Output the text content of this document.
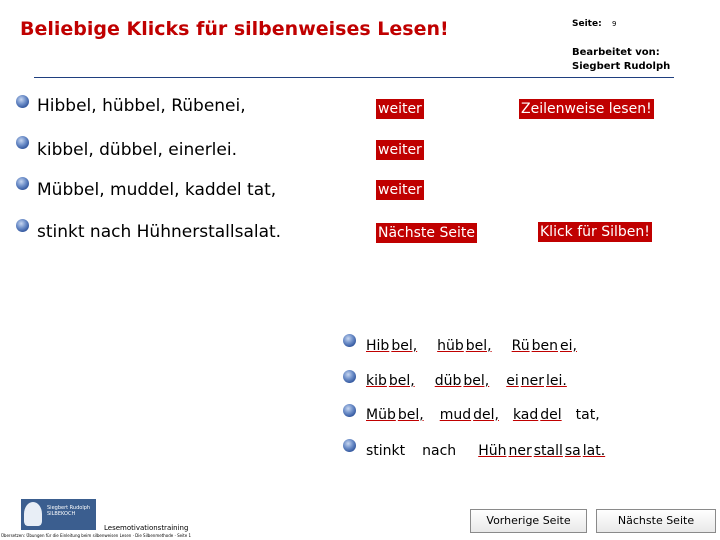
Beliebige Klicks für silbenweises Lesen!	Seite: 9
Bearbeitet von:
Siegbert Rudolph
Hibbel, hübbel, Rübenei,	weiter
kibbel, dübbel, einerlei.	weiter
Mübbel, muddel, kaddel tat,	weiter
stinkt nach Hühnerstallsalat.	Nächste Seite
Zeilenweise lesen!
Klick für Silben!
Hib bel, hüb bel, Rü ben ei,
kib bel, düb bel, ei ner lei.
Müb bel, mud del, kad del tat,
stinkt nach Hüh ner stall sa lat.
Siegbert Rudolph SILBEKOCH
Lesemotivationstraining
Übersetzen: Übungen für die Einleitung beim silbenweisen Lesen · Die Silbenmethode · Seite 1
Vorherige Seite	Nächste Seite
